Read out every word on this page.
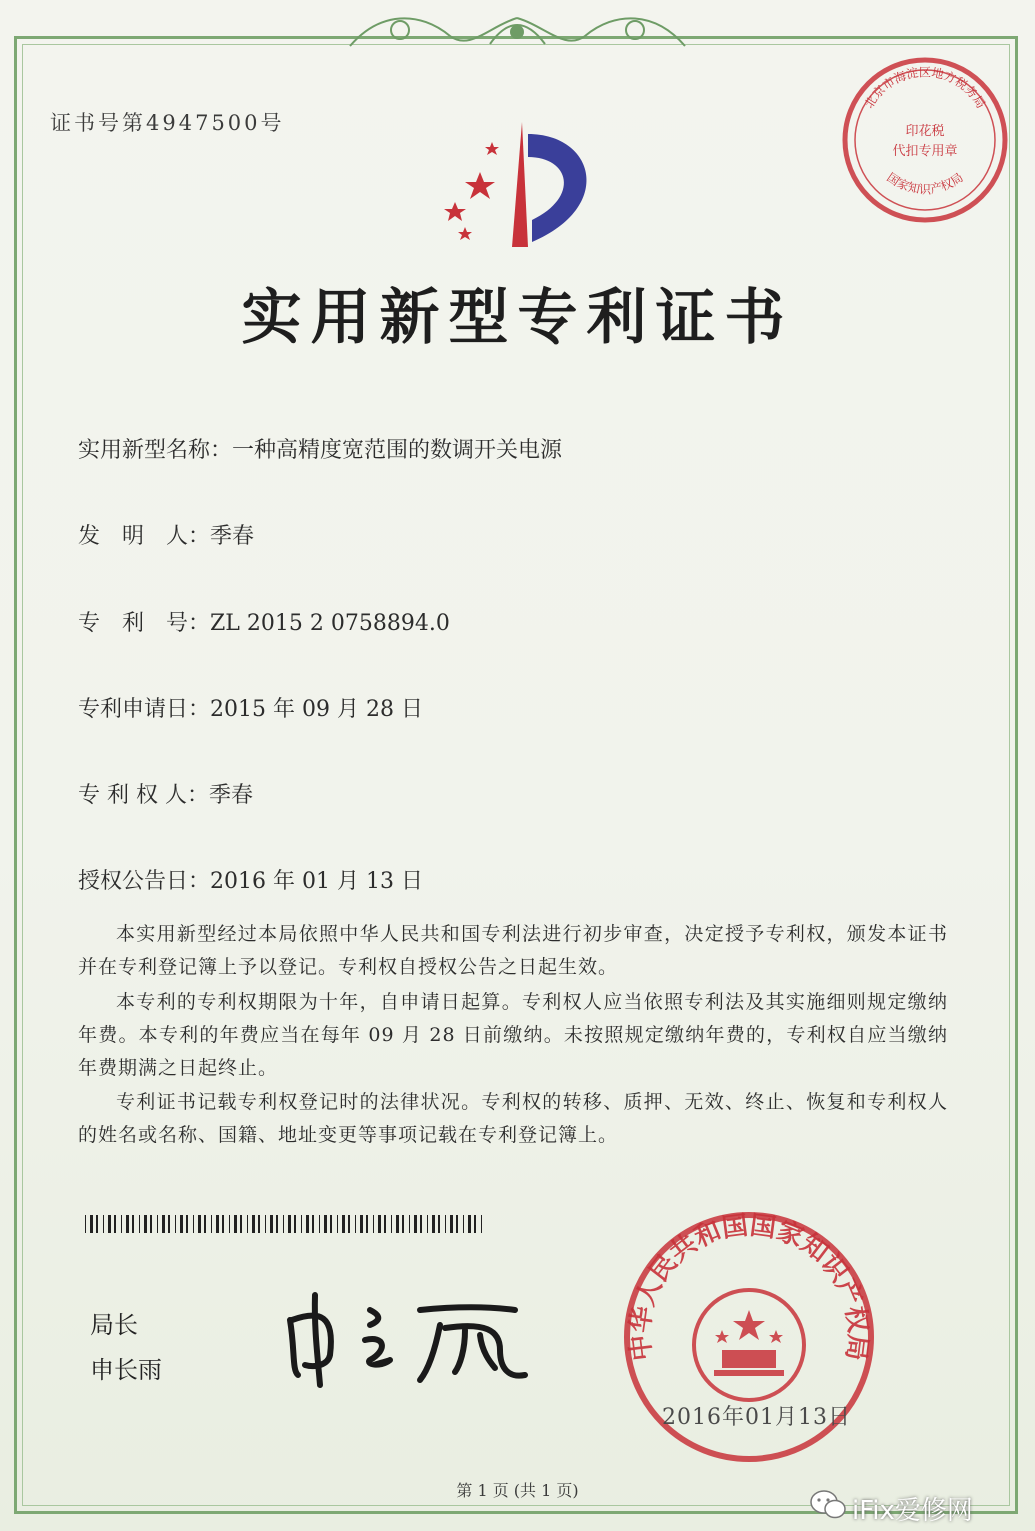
证书号第4947500号
实用新型专利证书
实用新型名称：一种高精度宽范围的数调开关电源
发　明　人：季春
专　利　号：ZL 2015 2 0758894.0
专利申请日：2015 年 09 月 28 日
专 利 权 人：季春
授权公告日：2016 年 01 月 13 日
本实用新型经过本局依照中华人民共和国专利法进行初步审查，决定授予专利权，颁发本证书并在专利登记簿上予以登记。专利权自授权公告之日起生效。
本专利的专利权期限为十年，自申请日起算。专利权人应当依照专利法及其实施细则规定缴纳年费。本专利的年费应当在每年 09 月 28 日前缴纳。未按照规定缴纳年费的，专利权自应当缴纳年费期满之日起终止。
专利证书记载专利权登记时的法律状况。专利权的转移、质押、无效、终止、恢复和专利权人的姓名或名称、国籍、地址变更等事项记载在专利登记簿上。
局长
申长雨
北京市海淀区地方税务局
国家知识产权局
印花税
代扣专用章
中华人民共和国国家知识产权局
2016年01月13日
第 1 页 (共 1 页)
iFix爱修网
